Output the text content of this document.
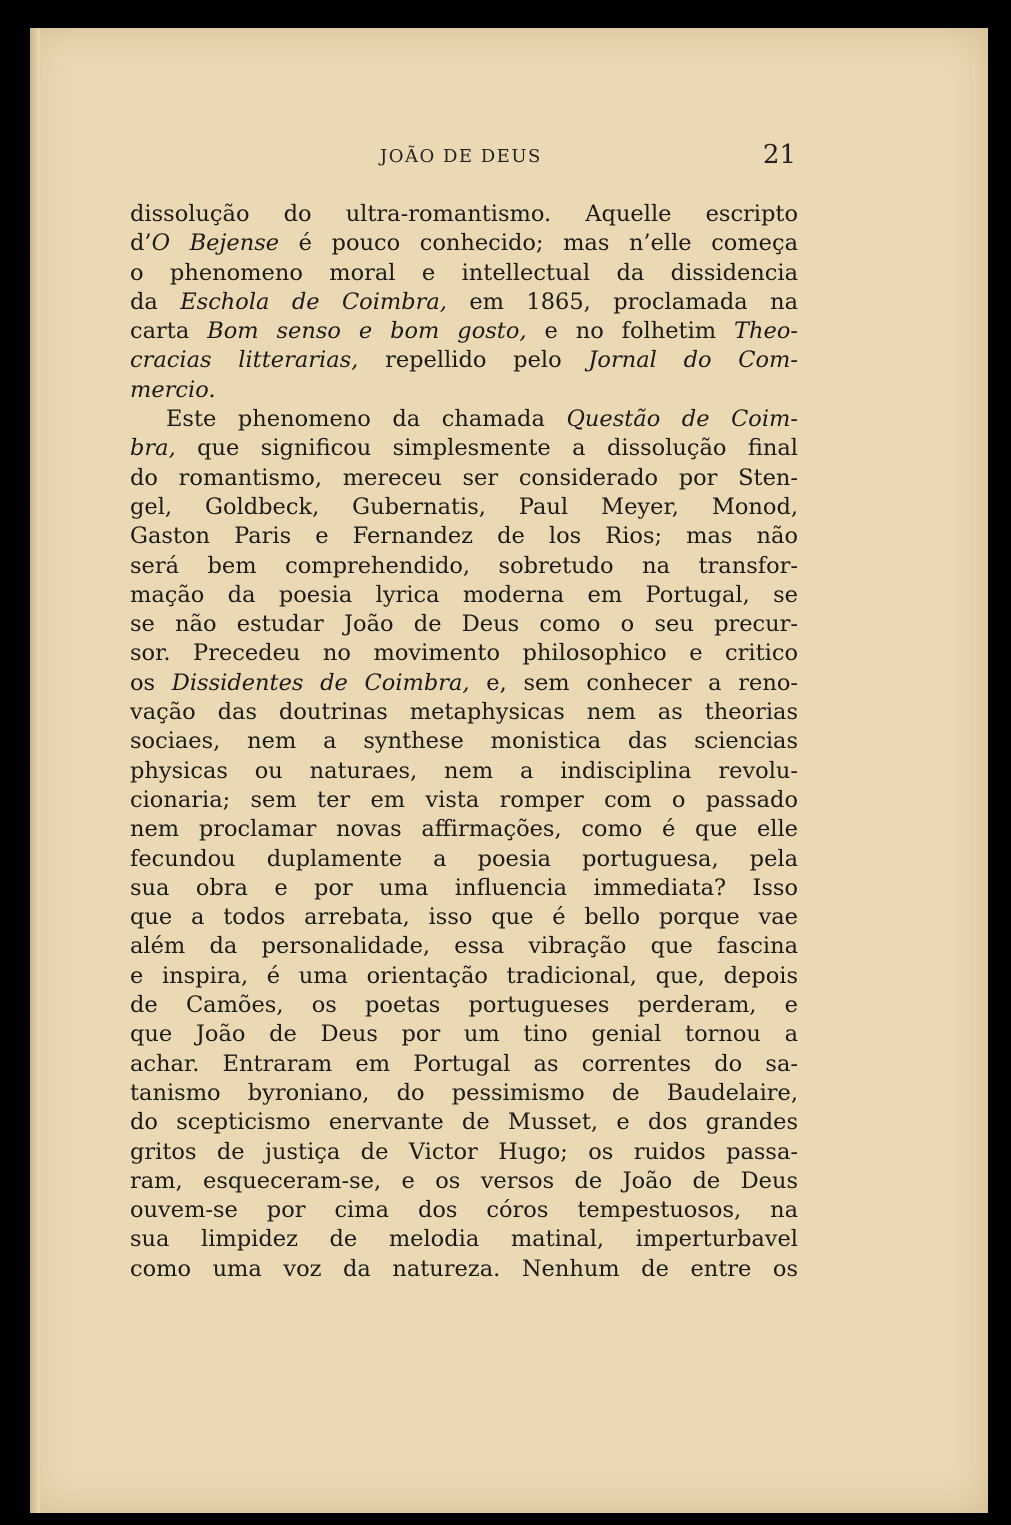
JOÃO DE DEUS	21
dissolução do ultra-romantismo. Aquelle escripto
d’O Bejense é pouco conhecido; mas n’elle começa
o phenomeno moral e intellectual da dissidencia
da Eschola de Coimbra, em 1865, proclamada na
carta Bom senso e bom gosto, e no folhetim Theo-
cracias litterarias, repellido pelo Jornal do Com-
mercio.
Este phenomeno da chamada Questão de Coim-
bra, que significou simplesmente a dissolução final
do romantismo, mereceu ser considerado por Sten-
gel, Goldbeck, Gubernatis, Paul Meyer, Monod,
Gaston Paris e Fernandez de los Rios; mas não
será bem comprehendido, sobretudo na transfor-
mação da poesia lyrica moderna em Portugal, se
se não estudar João de Deus como o seu precur-
sor. Precedeu no movimento philosophico e critico
os Dissidentes de Coimbra, e, sem conhecer a reno-
vação das doutrinas metaphysicas nem as theorias
sociaes, nem a synthese monistica das sciencias
physicas ou naturaes, nem a indisciplina revolu-
cionaria; sem ter em vista romper com o passado
nem proclamar novas affirmações, como é que elle
fecundou duplamente a poesia portuguesa, pela
sua obra e por uma influencia immediata? Isso
que a todos arrebata, isso que é bello porque vae
além da personalidade, essa vibração que fascina
e inspira, é uma orientação tradicional, que, depois
de Camões, os poetas portugueses perderam, e
que João de Deus por um tino genial tornou a
achar. Entraram em Portugal as correntes do sa-
tanismo byroniano, do pessimismo de Baudelaire,
do scepticismo enervante de Musset, e dos grandes
gritos de justiça de Victor Hugo; os ruidos passa-
ram, esqueceram-se, e os versos de João de Deus
ouvem-se por cima dos córos tempestuosos, na
sua limpidez de melodia matinal, imperturbavel
como uma voz da natureza. Nenhum de entre os
